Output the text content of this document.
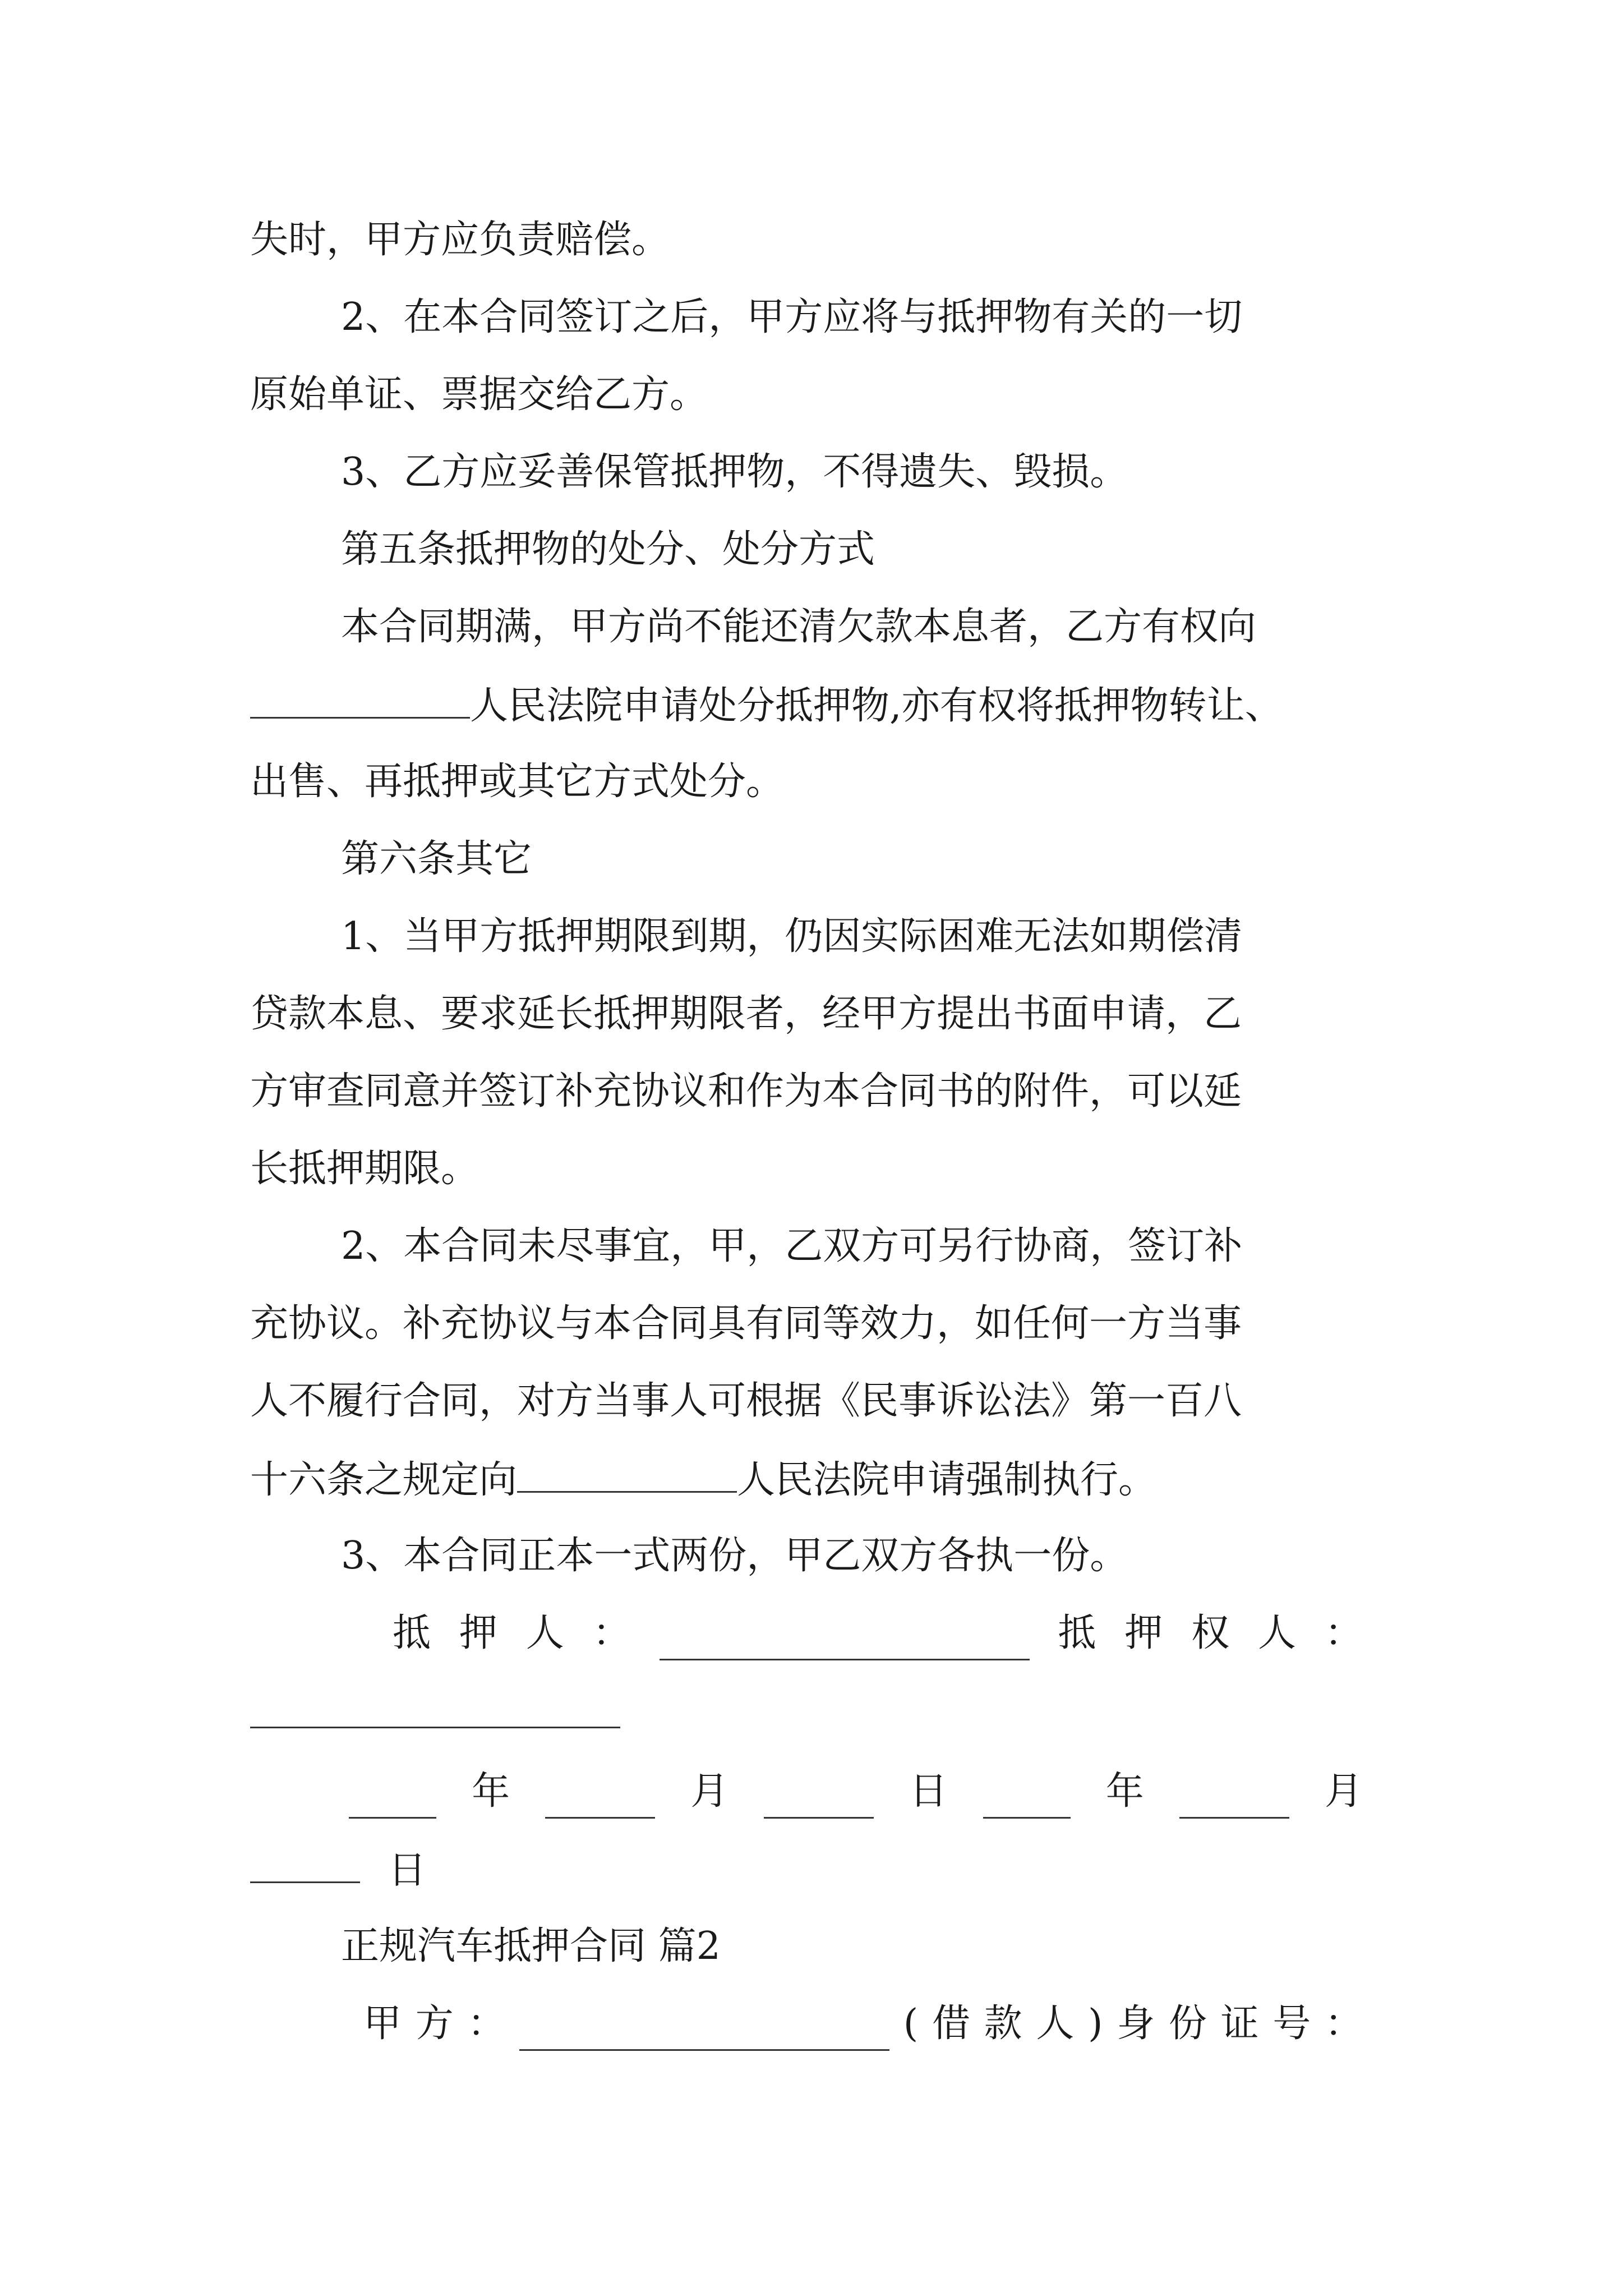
失时，甲方应负责赔偿。
2、在本合同签订之后，甲方应将与抵押物有关的一切
原始单证、票据交给乙方。
3、乙方应妥善保管抵押物，不得遗失、毁损。
第五条抵押物的处分、处分方式
本合同期满，甲方尚不能还清欠款本息者，乙方有权向
人民法院申请处分抵押物,亦有权将抵押物转让、
出售、再抵押或其它方式处分。
第六条其它
1、当甲方抵押期限到期，仍因实际困难无法如期偿清
贷款本息、要求延长抵押期限者，经甲方提出书面申请，乙
方审查同意并签订补充协议和作为本合同书的附件，可以延
长抵押期限。
2、本合同未尽事宜，甲，乙双方可另行协商，签订补
充协议。补充协议与本合同具有同等效力，如任何一方当事
人不履行合同，对方当事人可根据《民事诉讼法》第一百八
十六条之规定向	人民法院申请强制执行。
3、本合同正本一式两份，甲乙双方各执一份。
抵 押 人 ：	抵 押 权 人 ：
年	月	日	年	月
日
正规汽车抵押合同 篇2
甲 方 ：	( 借 款 人 ) 身 份 证 号 ：
